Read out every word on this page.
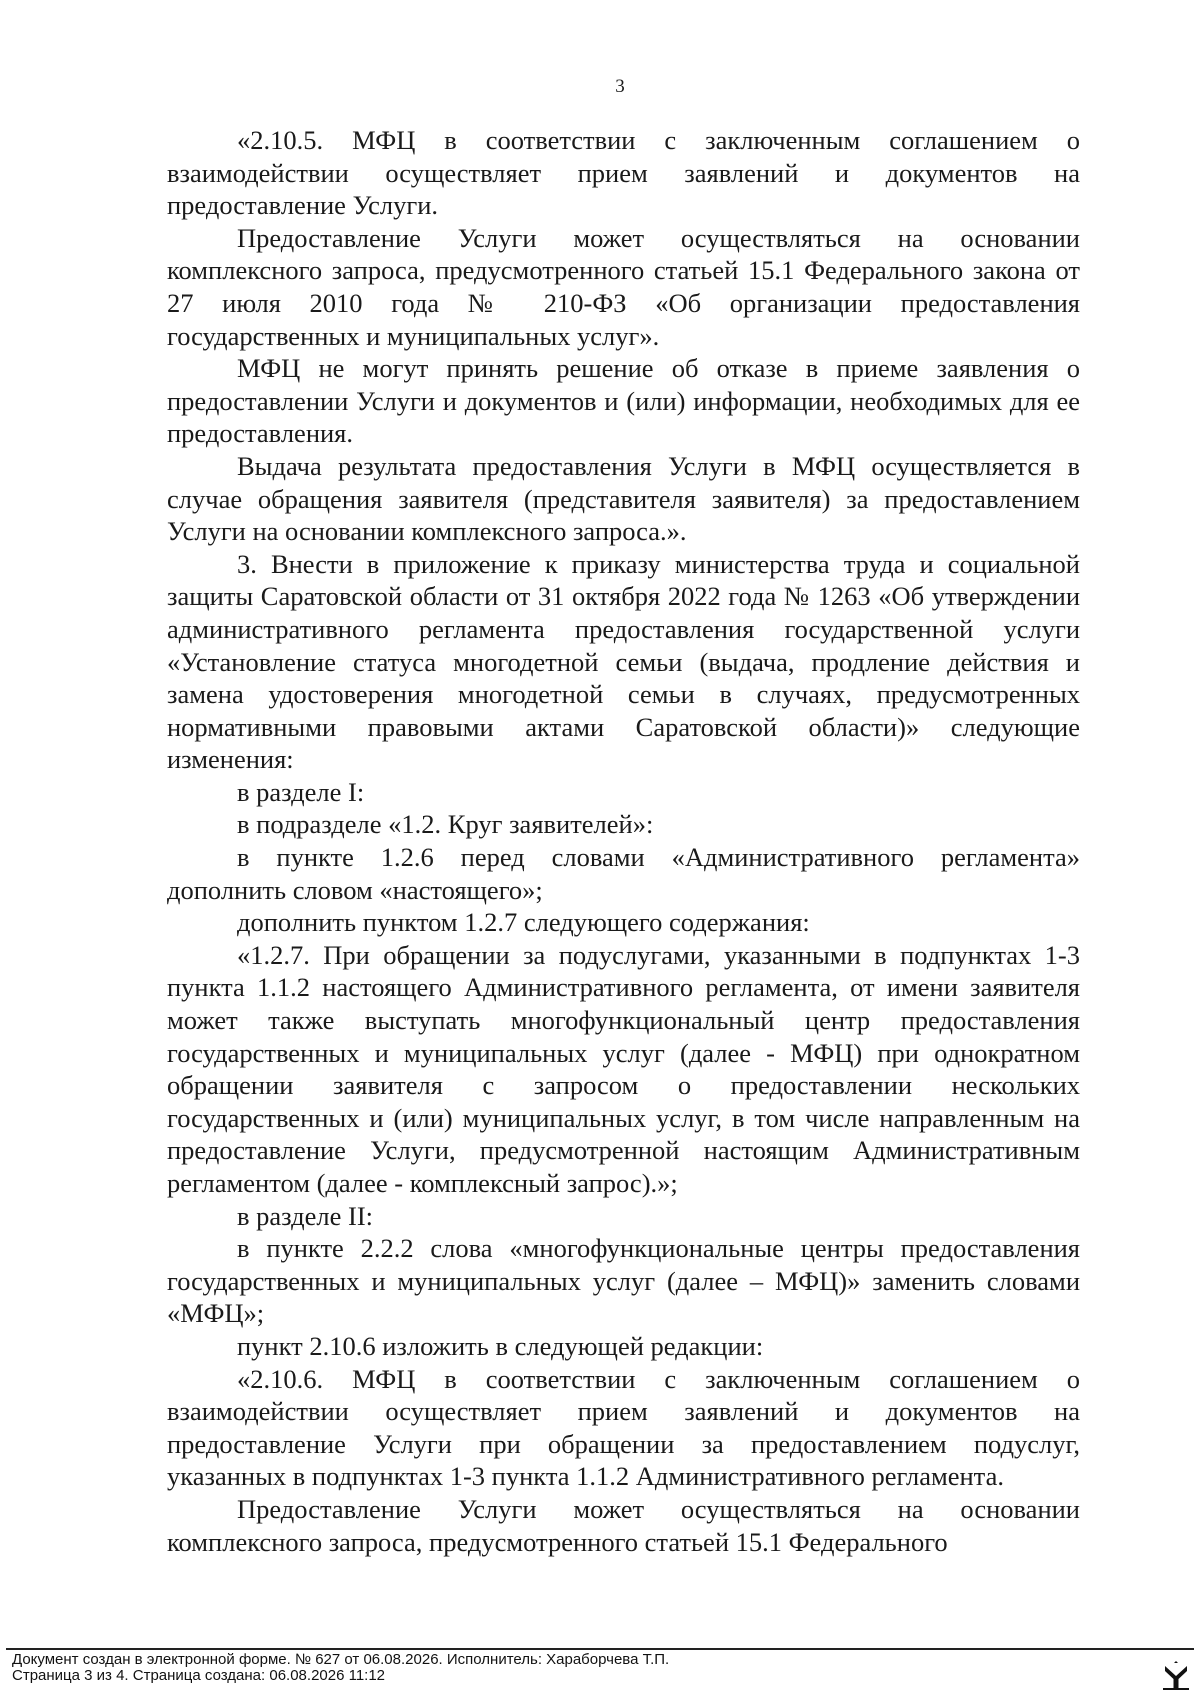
3

«2.10.5. МФЦ в соответствии с заключенным соглашением о взаимодействии осуществляет прием заявлений и документов на предоставление Услуги.

Предоставление Услуги может осуществляться на основании комплексного запроса, предусмотренного статьей 15.1 Федерального закона от 27 июля 2010 года № 210-ФЗ «Об организации предоставления государственных и муниципальных услуг».

МФЦ не могут принять решение об отказе в приеме заявления о предоставлении Услуги и документов и (или) информации, необходимых для ее предоставления.

Выдача результата предоставления Услуги в МФЦ осуществляется в случае обращения заявителя (представителя заявителя) за предоставлением Услуги на основании комплексного запроса.».

3. Внести в приложение к приказу министерства труда и социальной защиты Саратовской области от 31 октября 2022 года № 1263 «Об утверждении административного регламента предоставления государственной услуги «Установление статуса многодетной семьи (выдача, продление действия и замена удостоверения многодетной семьи в случаях, предусмотренных нормативными правовыми актами Саратовской области)» следующие изменения:

в разделе I:

в подразделе «1.2. Круг заявителей»:

в пункте 1.2.6 перед словами «Административного регламента» дополнить словом «настоящего»;

дополнить пунктом 1.2.7 следующего содержания:

«1.2.7. При обращении за подуслугами, указанными в подпунктах 1-3 пункта 1.1.2 настоящего Административного регламента, от имени заявителя может также выступать многофункциональный центр предоставления государственных и муниципальных услуг (далее - МФЦ) при однократном обращении заявителя с запросом о предоставлении нескольких государственных и (или) муниципальных услуг, в том числе направленным на предоставление Услуги, предусмотренной настоящим Административным регламентом (далее - комплексный запрос).»;

в разделе II:

в пункте 2.2.2 слова «многофункциональные центры предоставления государственных и муниципальных услуг (далее – МФЦ)» заменить словами «МФЦ»;

пункт 2.10.6 изложить в следующей редакции:

«2.10.6. МФЦ в соответствии с заключенным соглашением о взаимодействии осуществляет прием заявлений и документов на предоставление Услуги при обращении за предоставлением подуслуг, указанных в подпунктах 1-3 пункта 1.1.2 Административного регламента.

Предоставление Услуги может осуществляться на основании комплексного запроса, предусмотренного статьей 15.1 Федерального

Документ создан в электронной форме. № 627 от 06.08.2026. Исполнитель: Хараборчева Т.П.
Страница 3 из 4. Страница создана: 06.08.2026 11:12
